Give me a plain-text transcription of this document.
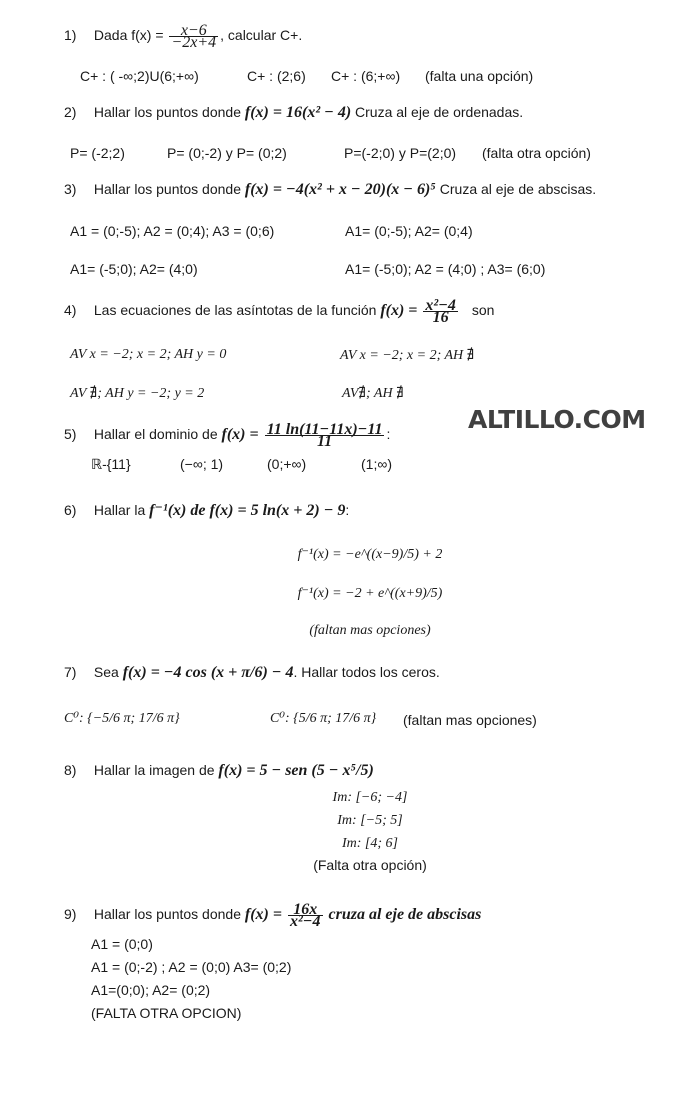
ALTILLO.COM
1) Dada $f(x) = \frac{x-6}{-2x+4}$ , calcular C+.
C+ : ( -∞;2)U(6;+∞)	C+ : (2;6) C+ : (6;+∞) (falta una opción)
2) Hallar los puntos donde f(x) = 16(x² − 4) Cruza al eje de ordenadas.
P= (-2;2)	P= (0;-2) y P= (0;2)	P=(-2;0) y P=(2;0) (falta otra opción)
3) Hallar los puntos donde f(x) = −4(x² + x − 20)(x − 6)⁵ Cruza al eje de abscisas.
A1 = (0;-5); A2 = (0;4); A3 = (0;6)	A1= (0;-5); A2= (0;4)
A1= (-5;0); A2= (4;0)	A1= (-5;0); A2 = (4;0) ; A3= (6;0)
4) Las ecuaciones de las asíntotas de la función $f(x) = \frac{\text{x²−4}}{16}$ son
AV x = −2; x = 2; AH y = 0	AV x = −2; x = 2; AH ∄
AV ∄; AH y = −2; y = 2	AV∄; AH ∄
5) Hallar el dominio de $f(x) = \frac{11 \ln(11-11x)-11}{11}$ :
ℝ-{11}	(−∞; 1)	(0;+∞)	(1;∞)
6) Hallar la f⁻¹(x) de f(x) = 5 ln(x + 2) − 9:
f⁻¹(x) = −e^((x−9)/5) + 2
f⁻¹(x) = −2 + e^((x+9)/5)
(faltan mas opciones)
7) Sea f(x) = −4 cos (x + π/6) − 4. Hallar todos los ceros.
C⁰: {−5/6 π; 17/6 π}	C⁰: {5/6 π; 17/6 π} (faltan mas opciones)
8) Hallar la imagen de f(x) = 5 − sen (5 − x⁵/5)
Im: [−6; −4]
Im: [−5; 5]
Im: [4; 6]
(Falta otra opción)
9) Hallar los puntos donde $f(x) = \frac{16x}{\text{x²−4}}$ cruza al eje de abscisas
A1 = (0;0)
A1 = (0;-2) ; A2 = (0;0) A3= (0;2)
A1=(0;0); A2= (0;2)
(FALTA OTRA OPCION)
